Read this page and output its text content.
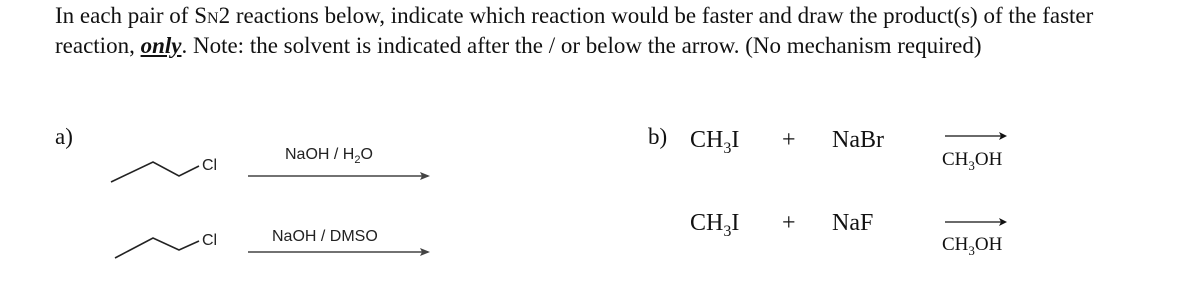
In each pair of SN2 reactions below, indicate which reaction would be faster and draw the product(s) of the faster reaction, only. Note: the solvent is indicated after the / or below the arrow. (No mechanism required)
a)
Cl
NaOH / $H_2O$
Cl	NaOH / DMSO
b) $CH_3I$ + NaBr
$CH_3OH$
$CH_3I$ + NaF
$CH_3OH$
